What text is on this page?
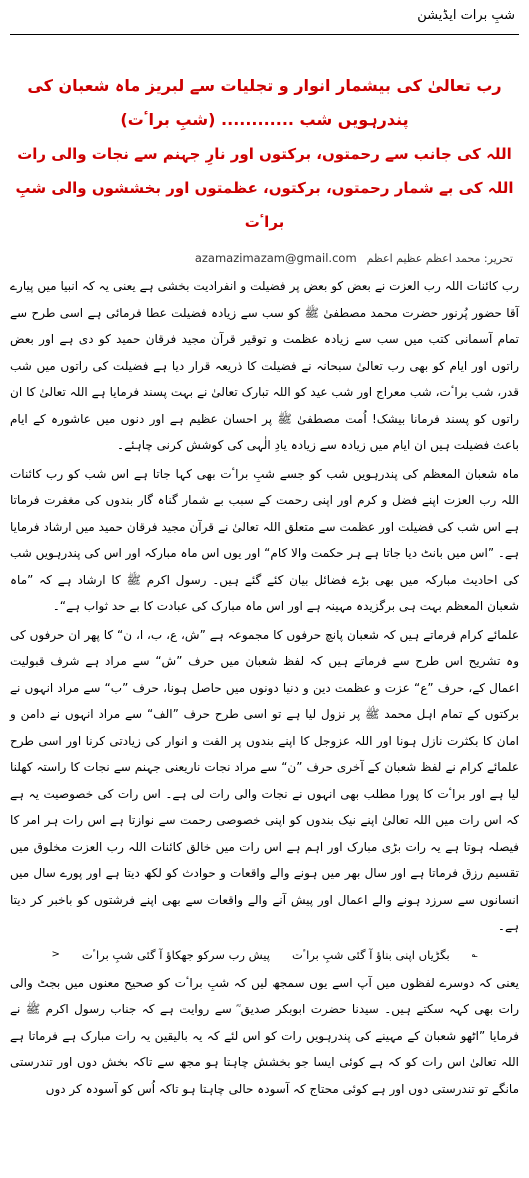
شبِ برات ایڈیشن

رب تعالیٰ کی بیشمار انوار و تجلیات سے لبریز ماہ شعبان کی پندرہویں شب ............ (شبِ براٴت)

اللہ کی جانب سے رحمتوں، برکتوں اور نارِ جہنم سے نجات والی رات

اللہ کی بے شمار رحمتوں، برکتوں، عظمتوں اور بخششوں والی شبِ براٴت

تحریر: محمد اعظم عظیم اعظم
azamazimazam@gmail.com

رب کائنات اللہ رب العزت نے بعض کو بعض پر فضیلت و انفرادیت بخشی ہے یعنی یہ کہ انبیا میں پیارے آقا حضور پُرنور حضرت محمد مصطفیٰ ﷺ کو سب سے زیادہ فضیلت عطا فرمائی ہے اسی طرح سے تمام آسمانی کتب میں سب سے زیادہ عظمت و توقیر قرآن مجید فرقان حمید کو دی ہے اور بعض راتوں اور ایام کو بھی رب تعالیٰ سبحانہ نے فضیلت کا ذریعہ قرار دیا ہے فضیلت کی راتوں میں شب قدر، شب براٴت، شب معراج اور شب عید کو اللہ تبارک تعالیٰ نے بہت پسند فرمایا ہے اللہ تعالیٰ کا ان راتوں کو پسند فرمانا بیشک! اُمت مصطفیٰ ﷺ پر احسان عظیم ہے اور دنوں میں عاشورہ کے ایام باعث فضیلت ہیں ان ایام میں زیادہ سے زیادہ یادِ الٰہی کی کوشش کرنی چاہئے۔

ماہ شعبان المعظم کی پندرہویں شب کو جسے شبِ براٴت بھی کہا جاتا ہے اس شب کو رب کائنات اللہ رب العزت اپنے فضل و کرم اور اپنی رحمت کے سبب بے شمار گناہ گار بندوں کی مغفرت فرماتا ہے اس شب کی فضیلت اور عظمت سے متعلق اللہ تعالیٰ نے قرآن مجید فرقان حمید میں ارشاد فرمایا ہے۔ ”اس میں بانٹ دیا جاتا ہے ہر حکمت والا کام“ اور یوں اس ماہ مبارکہ اور اس کی پندرہویں شب کی احادیث مبارکہ میں بھی بڑے فضائل بیان کئے گئے ہیں۔ رسول اکرم ﷺ کا ارشاد ہے کہ ”ماہ شعبان المعظم بہت ہی برگزیدہ مہینہ ہے اور اس ماہ مبارک کی عبادت کا بے حد ثواب ہے“۔

علمائے کرام فرماتے ہیں کہ شعبان پانچ حرفوں کا مجموعہ ہے ”ش، ع، ب، ا، ن“ کا پھر ان حرفوں کی وہ تشریح اس طرح سے فرماتے ہیں کہ لفظ شعبان میں حرف ”ش“ سے مراد ہے شرف قبولیت اعمال کے، حرف ”ع“ عزت و عظمت دین و دنیا دونوں میں حاصل ہونا، حرف ”ب“ سے مراد انہوں نے برکتوں کے تمام اہل محمد ﷺ پر نزول لیا ہے تو اسی طرح حرف ”الف“ سے مراد انہوں نے دامن و امان کا بکثرت نازل ہونا اور اللہ عزوجل کا اپنے بندوں پر الفت و انوار کی زیادتی کرنا اور اسی طرح علمائے کرام نے لفظ شعبان کے آخری حرف ”ن“ سے مراد نجات ناریعنی جہنم سے نجات کا راستہ کھلنا لیا ہے اور براٴت کا پورا مطلب بھی انہوں نے نجات والی رات لی ہے۔ اس رات کی خصوصیت یہ ہے کہ اس رات میں اللہ تعالیٰ اپنے نیک بندوں کو اپنی خصوصی رحمت سے نوازتا ہے اس رات ہر امر کا فیصلہ ہوتا ہے یہ رات بڑی مبارک اور اہم ہے اس رات میں خالق کائنات اللہ رب العزت مخلوق میں تقسیم رزق فرماتا ہے اور سال بھر میں ہونے والے واقعات و حوادث کو لکھ دیتا ہے اور پورے سال میں انسانوں سے سرزد ہونے والے اعمال اور پیش آنے والے واقعات سے بھی اپنے فرشتوں کو باخبر کر دیتا ہے۔

؎
بگڑیاں اپنی بناؤ آ گئی شبِ براٴت
پیش رب سرکو جھکاؤ آ گئی شبِ براٴت
<

یعنی کہ دوسرے لفظوں میں آپ اسے یوں سمجھ لیں کہ شبِ براٴت کو صحیح معنوں میں بجٹ والی رات بھی کہہ سکتے ہیں۔ سیدنا حضرت ابوبکر صدیق ؓ سے روایت ہے کہ جناب رسول اکرم ﷺ نے فرمایا ”اٹھو شعبان کے مہینے کی پندرہویں رات کو اس لئے کہ یہ بالیقین یہ رات مبارک ہے فرماتا ہے اللہ تعالیٰ اس رات کو کہ ہے کوئی ایسا جو بخشش چاہتا ہو مجھ سے تاکہ بخش دوں اور تندرستی مانگے تو تندرستی دوں اور ہے کوئی محتاج کہ آسودہ حالی چاہتا ہو تاکہ اُس کو آسودہ کر دوں
